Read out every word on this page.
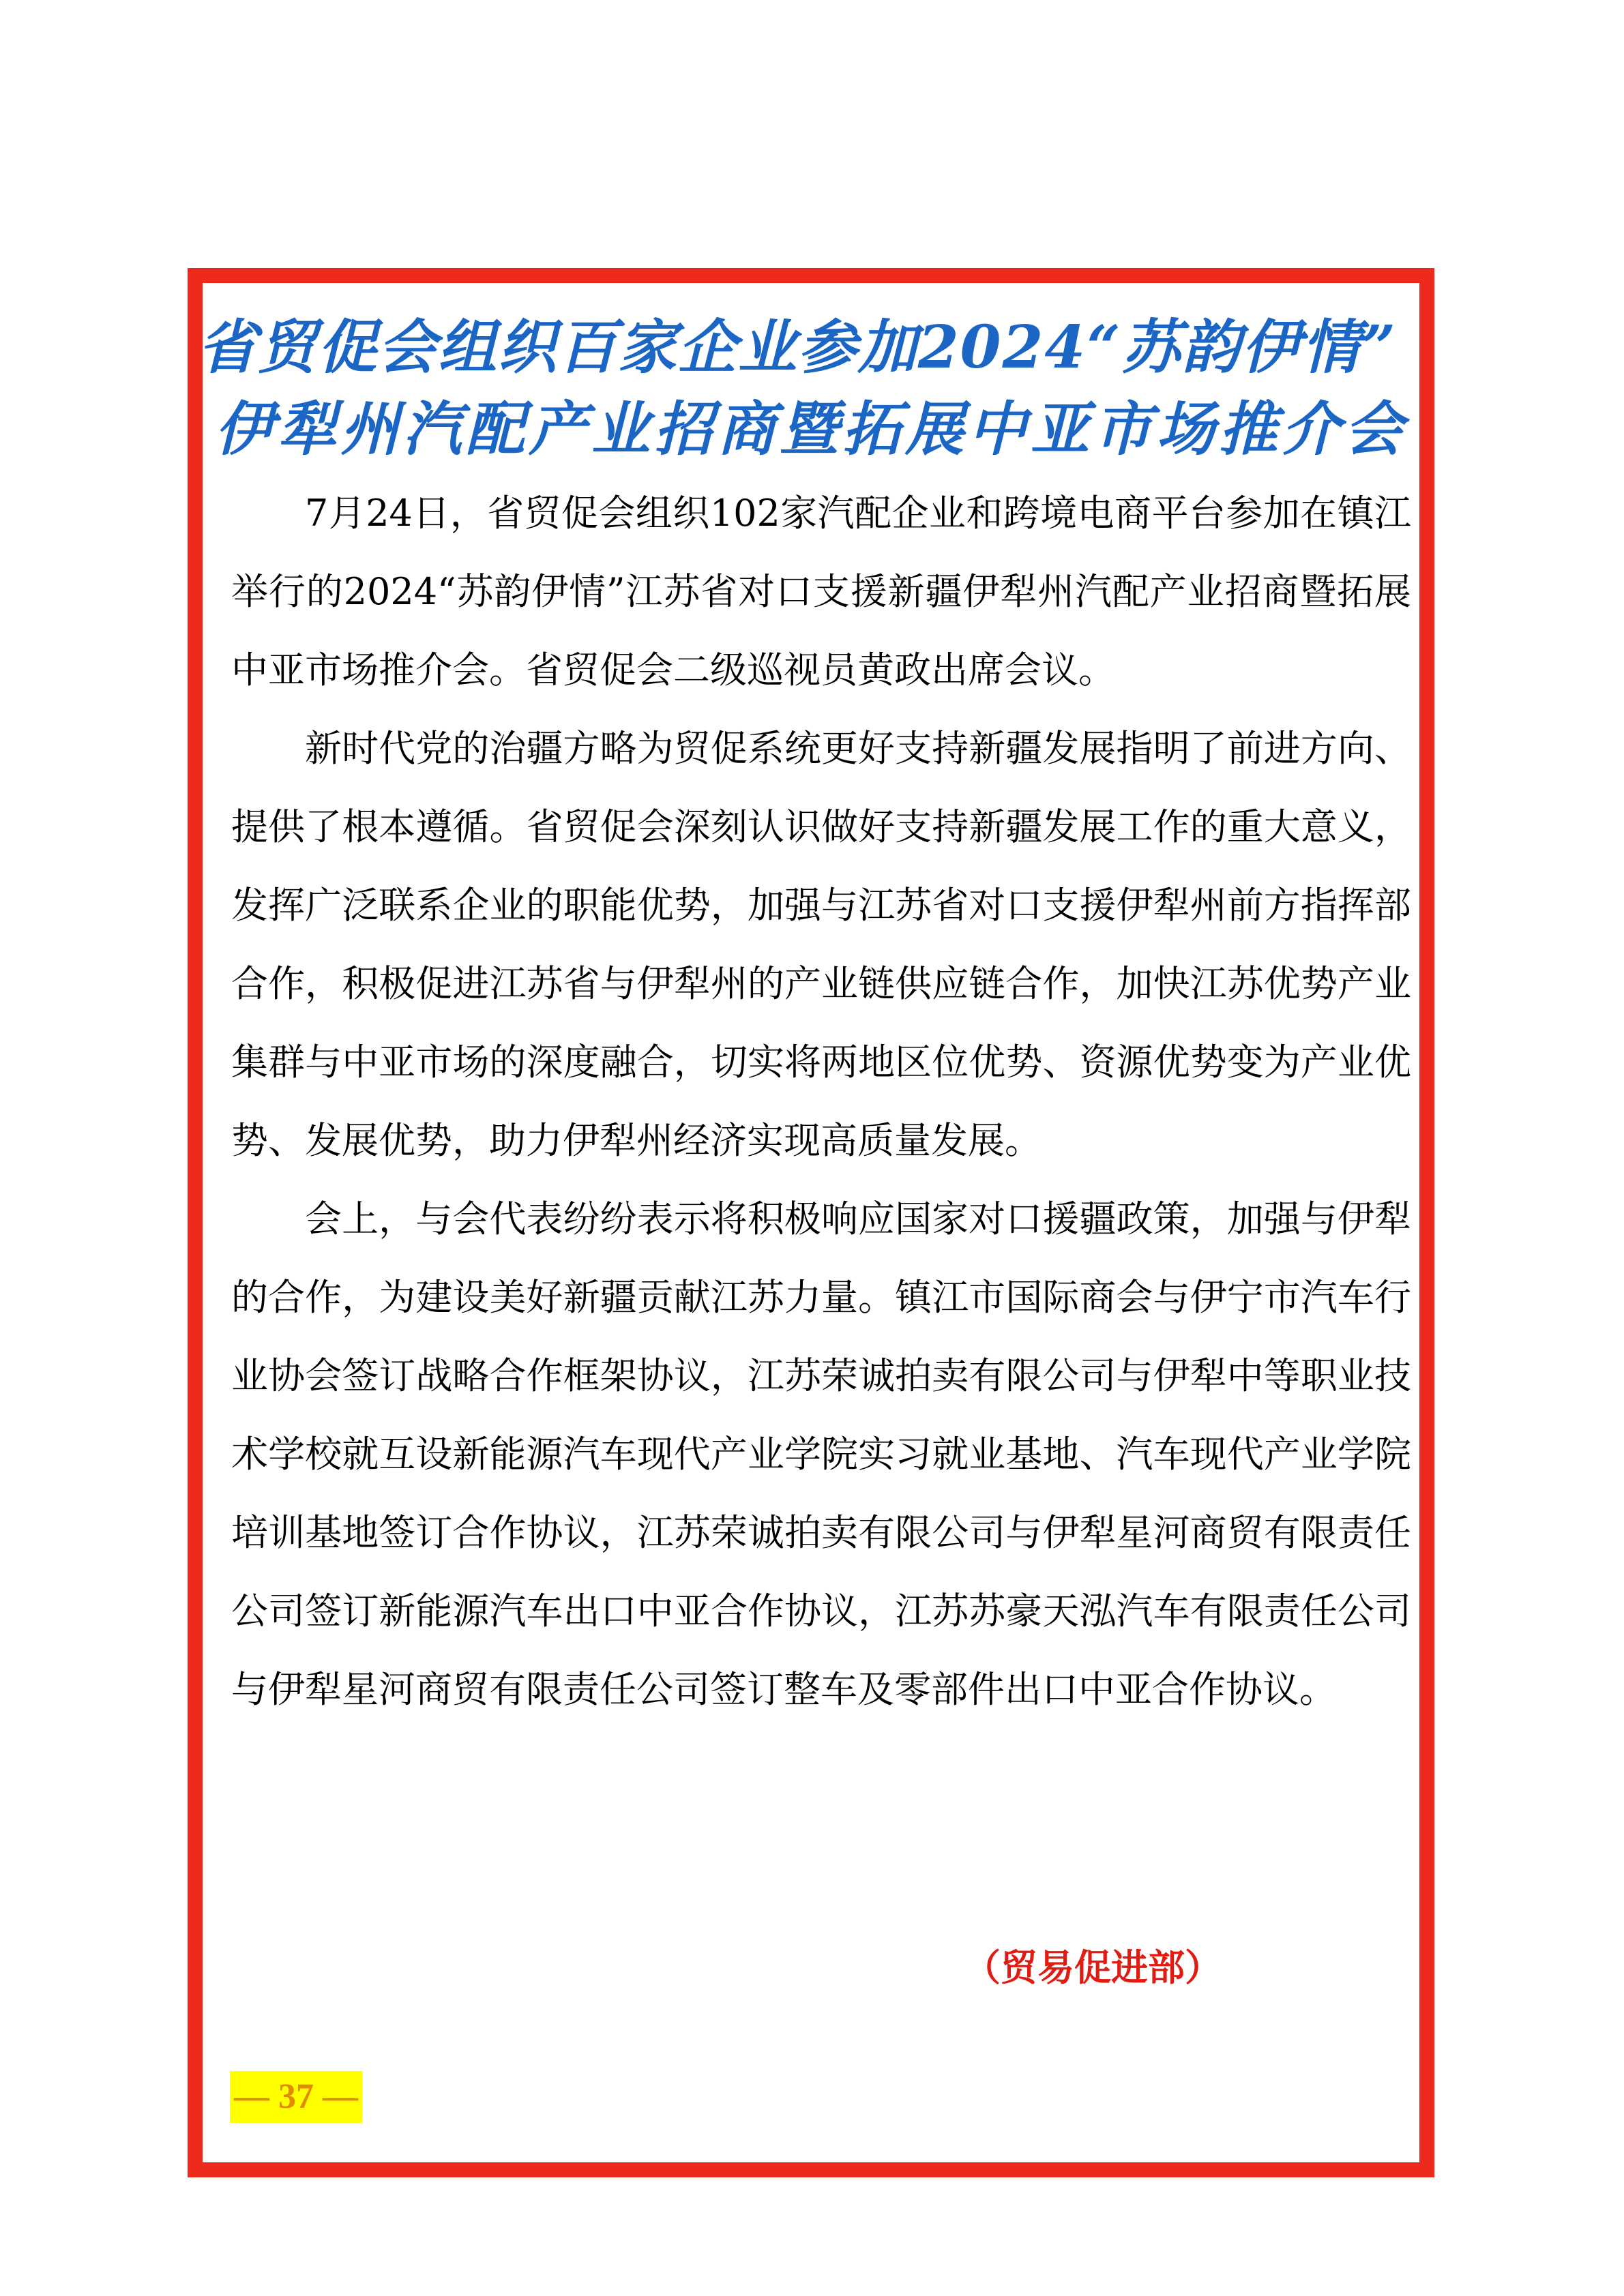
省贸促会组织百家企业参加2024“苏韵伊情”
伊犁州汽配产业招商暨拓展中亚市场推介会

7月24日，省贸促会组织102家汽配企业和跨境电商平台参加在镇江举行的2024“苏韵伊情”江苏省对口支援新疆伊犁州汽配产业招商暨拓展中亚市场推介会。省贸促会二级巡视员黄政出席会议。

新时代党的治疆方略为贸促系统更好支持新疆发展指明了前进方向、提供了根本遵循。省贸促会深刻认识做好支持新疆发展工作的重大意义，发挥广泛联系企业的职能优势，加强与江苏省对口支援伊犁州前方指挥部合作，积极促进江苏省与伊犁州的产业链供应链合作，加快江苏优势产业集群与中亚市场的深度融合，切实将两地区位优势、资源优势变为产业优势、发展优势，助力伊犁州经济实现高质量发展。

会上，与会代表纷纷表示将积极响应国家对口援疆政策，加强与伊犁的合作，为建设美好新疆贡献江苏力量。镇江市国际商会与伊宁市汽车行业协会签订战略合作框架协议，江苏荣诚拍卖有限公司与伊犁中等职业技术学校就互设新能源汽车现代产业学院实习就业基地、汽车现代产业学院培训基地签订合作协议，江苏荣诚拍卖有限公司与伊犁星河商贸有限责任公司签订新能源汽车出口中亚合作协议，江苏苏豪天泓汽车有限责任公司与伊犁星河商贸有限责任公司签订整车及零部件出口中亚合作协议。

（贸易促进部）
— 37 —
